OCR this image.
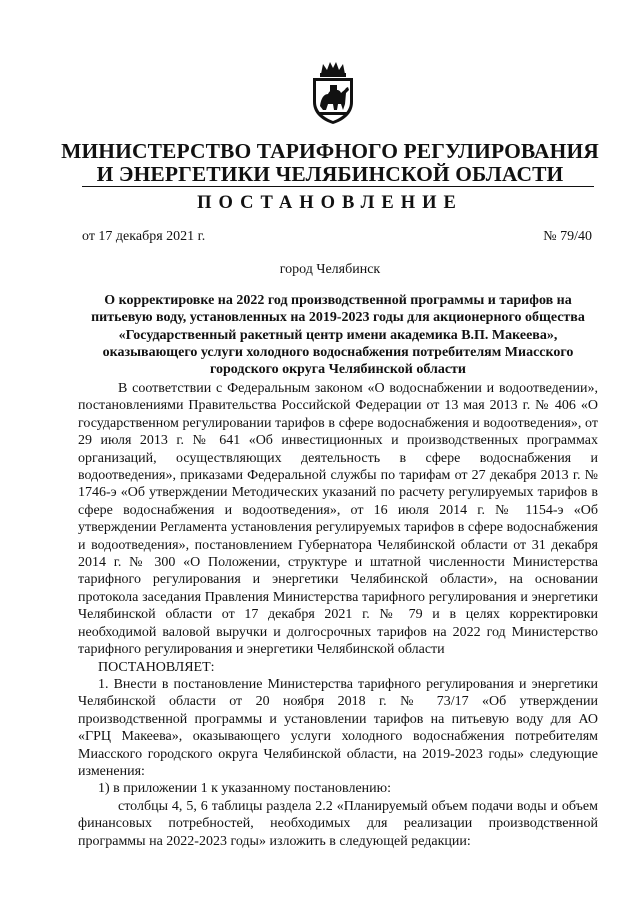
МИНИСТЕРСТВО ТАРИФНОГО РЕГУЛИРОВАНИЯ
И ЭНЕРГЕТИКИ ЧЕЛЯБИНСКОЙ ОБЛАСТИ
ПОСТАНОВЛЕНИЕ
от 17 декабря 2021 г.	№ 79/40
город Челябинск
О корректировке на 2022 год производственной программы и тарифов на питьевую воду, установленных на 2019-2023 годы для акционерного общества «Государственный ракетный центр имени академика В.П. Макеева», оказывающего услуги холодного водоснабжения потребителям Миасского городского округа Челябинской области

В соответствии с Федеральным законом «О водоснабжении и водоотведении», постановлениями Правительства Российской Федерации от 13 мая 2013 г. № 406 «О государственном регулировании тарифов в сфере водоснабжения и водоотведения», от 29 июля 2013 г. № 641 «Об инвестиционных и производственных программах организаций, осуществляющих деятельность в сфере водоснабжения и водоотведения», приказами Федеральной службы по тарифам от 27 декабря 2013 г. № 1746-э «Об утверждении Методических указаний по расчету регулируемых тарифов в сфере водоснабжения и водоотведения», от 16 июля 2014 г. № 1154-э «Об утверждении Регламента установления регулируемых тарифов в сфере водоснабжения и водоотведения», постановлением Губернатора Челябинской области от 31 декабря 2014 г. № 300 «О Положении, структуре и штатной численности Министерства тарифного регулирования и энергетики Челябинской области», на основании протокола заседания Правления Министерства тарифного регулирования и энергетики Челябинской области от 17 декабря 2021 г. № 79 и в целях корректировки необходимой валовой выручки и долгосрочных тарифов на 2022 год Министерство тарифного регулирования и энергетики Челябинской области

ПОСТАНОВЛЯЕТ:

1. Внести в постановление Министерства тарифного регулирования и энергетики Челябинской области от 20 ноября 2018 г. № 73/17 «Об утверждении производственной программы и установлении тарифов на питьевую воду для АО «ГРЦ Макеева», оказывающего услуги холодного водоснабжения потребителям Миасского городского округа Челябинской области, на 2019-2023 годы» следующие изменения:

1) в приложении 1 к указанному постановлению:

столбцы 4, 5, 6 таблицы раздела 2.2 «Планируемый объем подачи воды и объем финансовых потребностей, необходимых для реализации производственной программы на 2022-2023 годы» изложить в следующей редакции:
